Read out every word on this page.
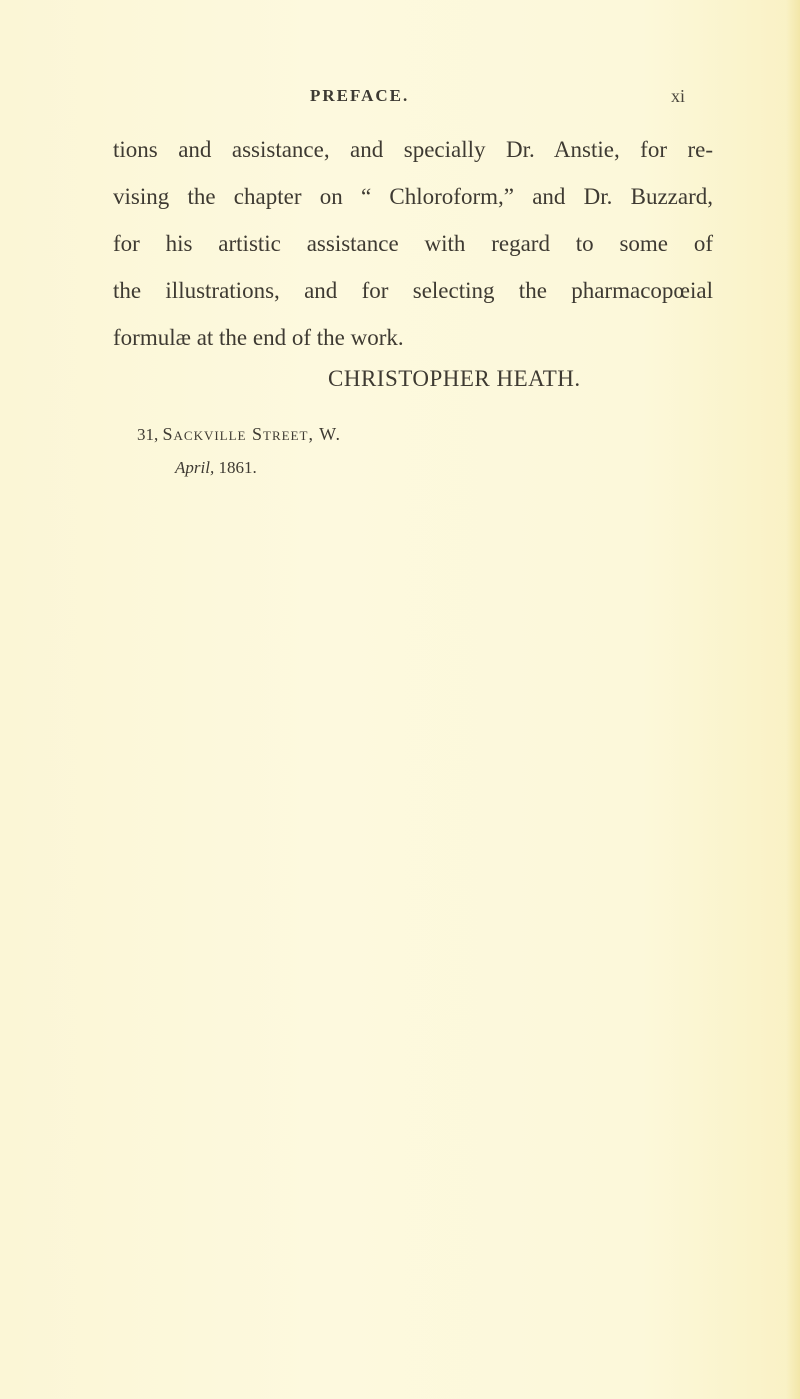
PREFACE.	xi
tions and assistance, and specially Dr. Anstie, for re-
vising the chapter on “ Chloroform,” and Dr. Buzzard,
for his artistic assistance with regard to some of
the illustrations, and for selecting the pharmacopœial
formulæ at the end of the work.
CHRISTOPHER HEATH.
31, Sackville Street, W.
April, 1861.
